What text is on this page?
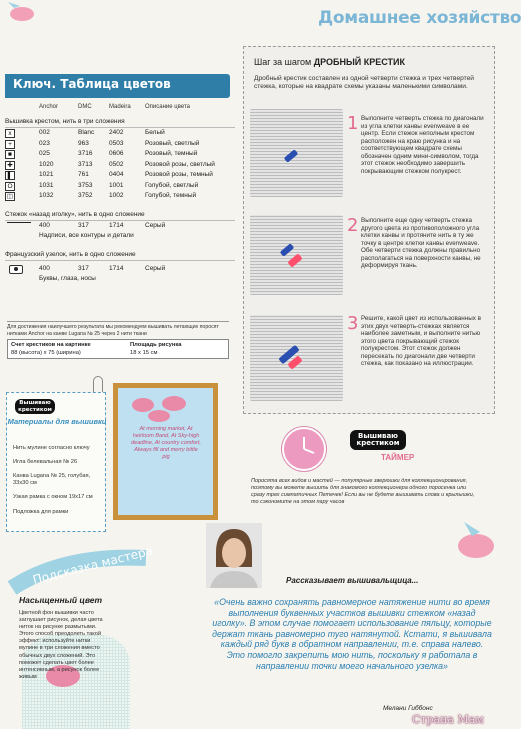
Домашнее хозяйство
Ключ. Таблица цветов
Anchor	DMC	Madeira Описание цвета
Вышивка крестом, нить в три сложения
x	002	Blanc 2402	Белый
+	023	963	0503	Розовый, светлый
■	025	3716	0606	Розовый, темный
✚	1020	3713	0502	Розовой розы, светлый
▌	1021	761	0404	Розовой розы, темный
O	1031	3753	1001	Голубой, светлый
◫	1032	3752	1002	Голубой, темный
Стежок «назад иголку», нить в одно сложение
400	317	1714	Серый
Надписи, все контуры и детали
Французский узелок, нить в одно сложение
400	317	1714	Серый
Буквы, глаза, носы
Для достижения наилучшего результата мы рекомендуем вышивать летающих поросят нитками Anchor на канве Lugana № 25 через 2 нити ткани
Счет крестиков на картинке
88 (высота) x 75 (ширина)
Площадь рисунка
18 x 15 см
Вышиваю крестиком
Материалы для вышивки
Нить мулине согласно ключу
Игла белевальная № 26
Канва Lugana № 25, голубая, 33x30 см
Узкая рамка с окном 19x17 см
Подложка для рамки
At morning market, At heirloom Band, At Sky-high deadline, At country comfort, Always fill and merry bittle pig
Шаг за шагом ДРОБНЫЙ КРЕСТИК
Дробный крестик составлен из одной четверти стежка и трех четвертей стежка, которые на квадрате схемы указаны маленькими символами.
1 Выполните четверть стежка по диагонали из угла клетки канвы evenweave в ее центр. Если стежок неполным крестом расположен на краю рисунка и на соответствующем квадрате схемы обозначен одним мини-символом, тогда этот стежок необходимо завершить покрывающим стежком полукрест.
2 Выполните еще одну четверть стежка другого цвета из противоположного угла клетки канвы и протяните нить в ту же точку в центре клетки канвы evenweave. Обе четверти стежка должны правильно располагаться на поверхности канвы, не деформируя ткань.
3 Решите, какой цвет из использованных в этих двух четверть-стежках является наиболее заметным, и выполните нитью этого цвета покрывающий стежок полукрестом. Этот стежок должен пересекать по диагонали две четверти стежка, как показано на иллюстрации.
Вышиваю крестиком
ТАЙМЕР
Поросята всех видов и мастей — популярные зверюшки для коллекционирования, поэтому вы можете вышить для знакомого коллекционера одного поросенка или сразу трех симпатичных Петечек! Если вы не будете вышивать слова и крылышки, то сэкономите на этом пару часов
Подсказка мастера
Насыщенный цвет
Цветной фон вышивки часто заглушает рисунок, делая цвета ниток на рисунке размытыми. Этого способ преодолеть такой эффект: используйте нитки мулине в три сложения вместо обычных двух сложений. Это поможет сделать цвет более интенсивным, а рисунок более живым
Рассказывает вышивальщица...
«Очень важно сохранять равномерное натяжение нити во время выполнения буквенных участков вышивки стежком «назад иголку». В этом случае помогает использование пяльцу, которые держат ткань равномерно туго натянутой. Кстати, я вышивала каждый ряд букв в обратном направлении, т.е. справа налево. Это помогло закрепить мою нить, поскольку я работала в направлении точки моего начального узелка»
Мелани Гиббонс
Страна Мам
